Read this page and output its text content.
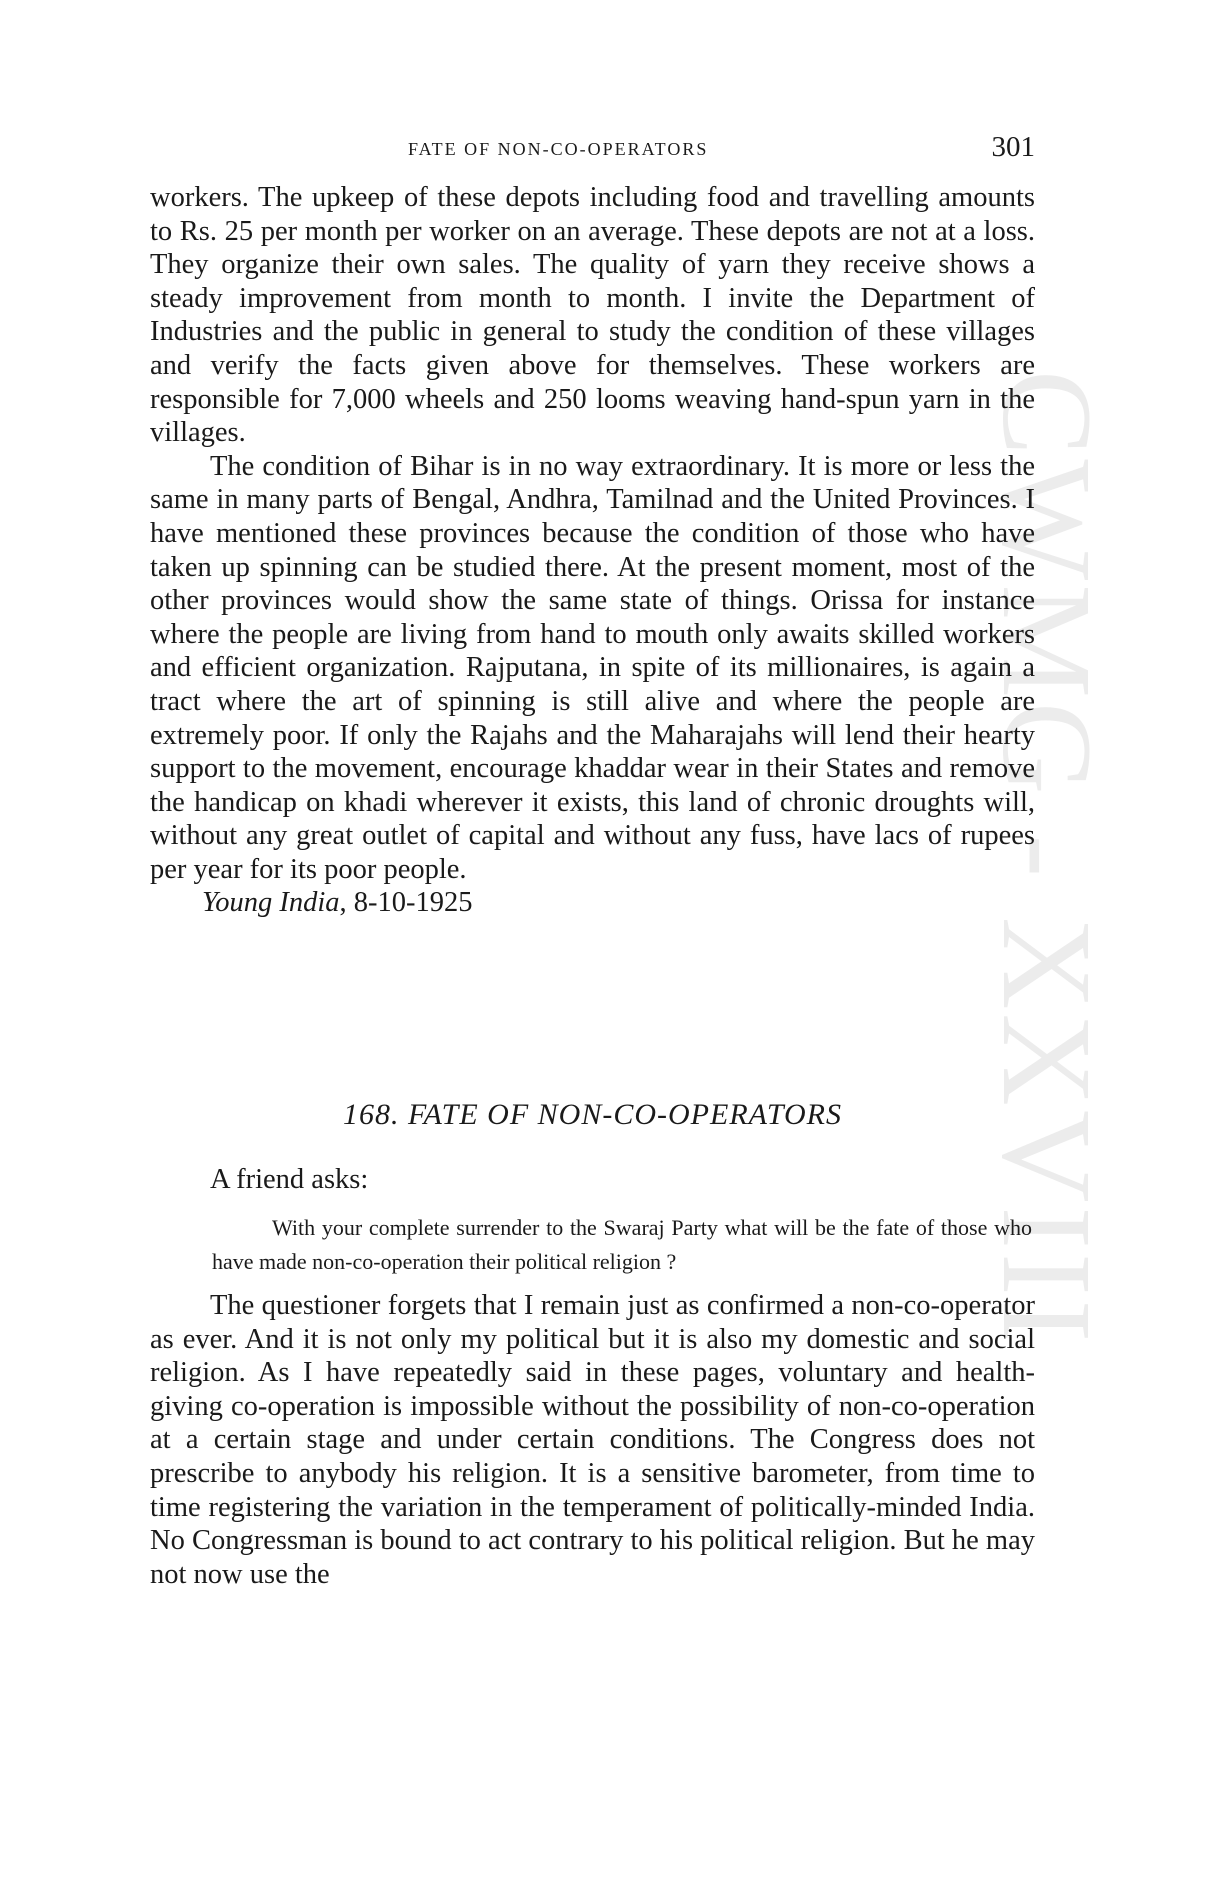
CWMG - XXVIII
FATE OF NON-CO-OPERATORS	301

workers. The upkeep of these depots including food and travelling amounts to Rs. 25 per month per worker on an average. These depots are not at a loss. They organize their own sales. The quality of yarn they receive shows a steady improvement from month to month. I invite the Department of Industries and the public in general to study the condition of these villages and verify the facts given above for themselves. These workers are responsible for 7,000 wheels and 250 looms weaving hand-spun yarn in the villages.

The condition of Bihar is in no way extraordinary. It is more or less the same in many parts of Bengal, Andhra, Tamilnad and the United Provinces. I have mentioned these provinces because the condition of those who have taken up spinning can be studied there. At the present moment, most of the other provinces would show the same state of things. Orissa for instance where the people are living from hand to mouth only awaits skilled workers and efficient organization. Rajputana, in spite of its millionaires, is again a tract where the art of spinning is still alive and where the people are extremely poor. If only the Rajahs and the Maharajahs will lend their hearty support to the movement, encourage khaddar wear in their States and remove the handicap on khadi wherever it exists, this land of chronic droughts will, without any great outlet of capital and without any fuss, have lacs of rupees per year for its poor people.

Young India, 8-10-1925

168. FATE OF NON-CO-OPERATORS
A friend asks:
With your complete surrender to the Swaraj Party what will be the fate of those who have made non-co-operation their political religion ?

The questioner forgets that I remain just as confirmed a non-co-operator as ever. And it is not only my political but it is also my domestic and social religion. As I have repeatedly said in these pages, voluntary and health-giving co-operation is impossible without the possibility of non-co-operation at a certain stage and under certain conditions. The Congress does not prescribe to anybody his religion. It is a sensitive barometer, from time to time registering the variation in the temperament of politically-minded India. No Congressman is bound to act contrary to his political religion. But he may not now use the
